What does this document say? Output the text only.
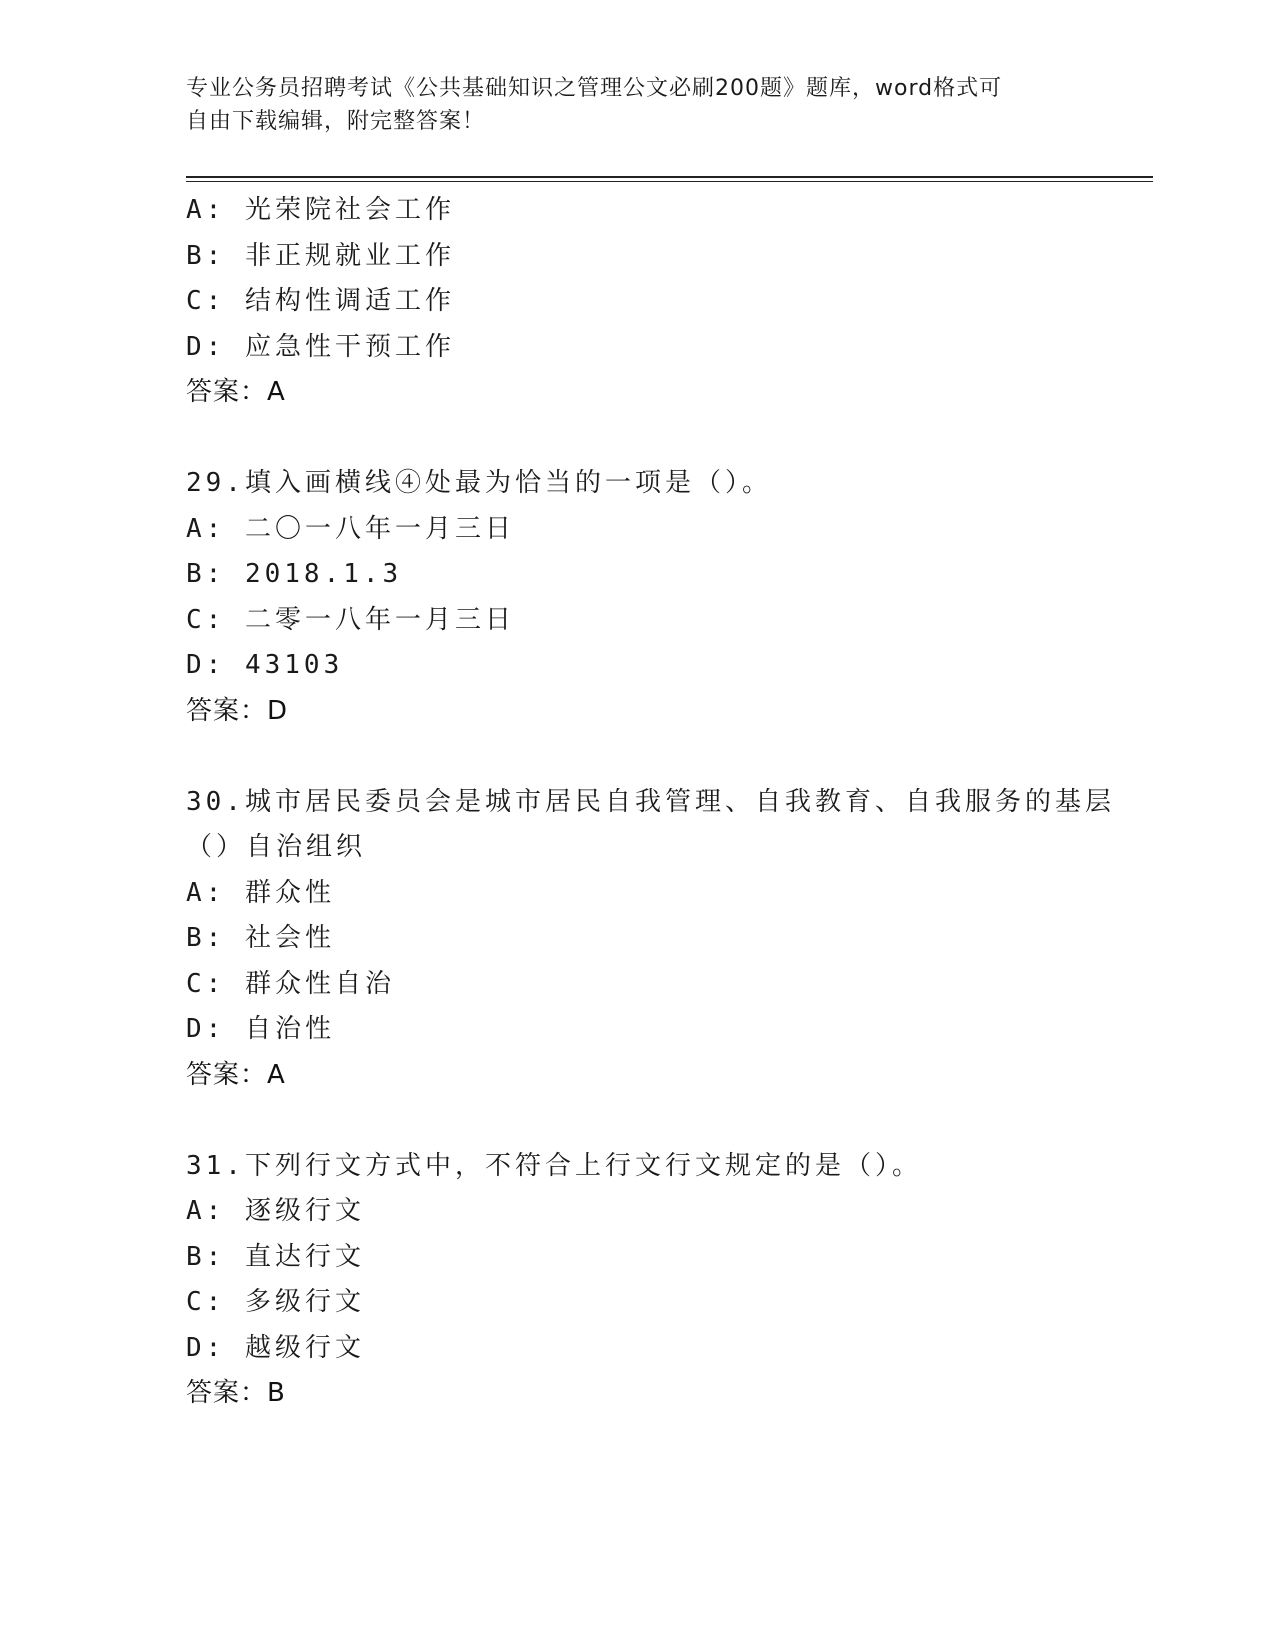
专业公务员招聘考试《公共基础知识之管理公文必刷200题》题库，word格式可
自由下载编辑，附完整答案！
A: 光荣院社会工作
B: 非正规就业工作
C: 结构性调适工作
D: 应急性干预工作
答案：A
29.填入画横线④处最为恰当的一项是（）。
A: 二〇一八年一月三日
B: 2018.1.3
C: 二零一八年一月三日
D: 43103
答案：D
30.城市居民委员会是城市居民自我管理、自我教育、自我服务的基层
（）自治组织
A: 群众性
B: 社会性
C: 群众性自治
D: 自治性
答案：A
31.下列行文方式中，不符合上行文行文规定的是（）。
A: 逐级行文
B: 直达行文
C: 多级行文
D: 越级行文
答案：B
